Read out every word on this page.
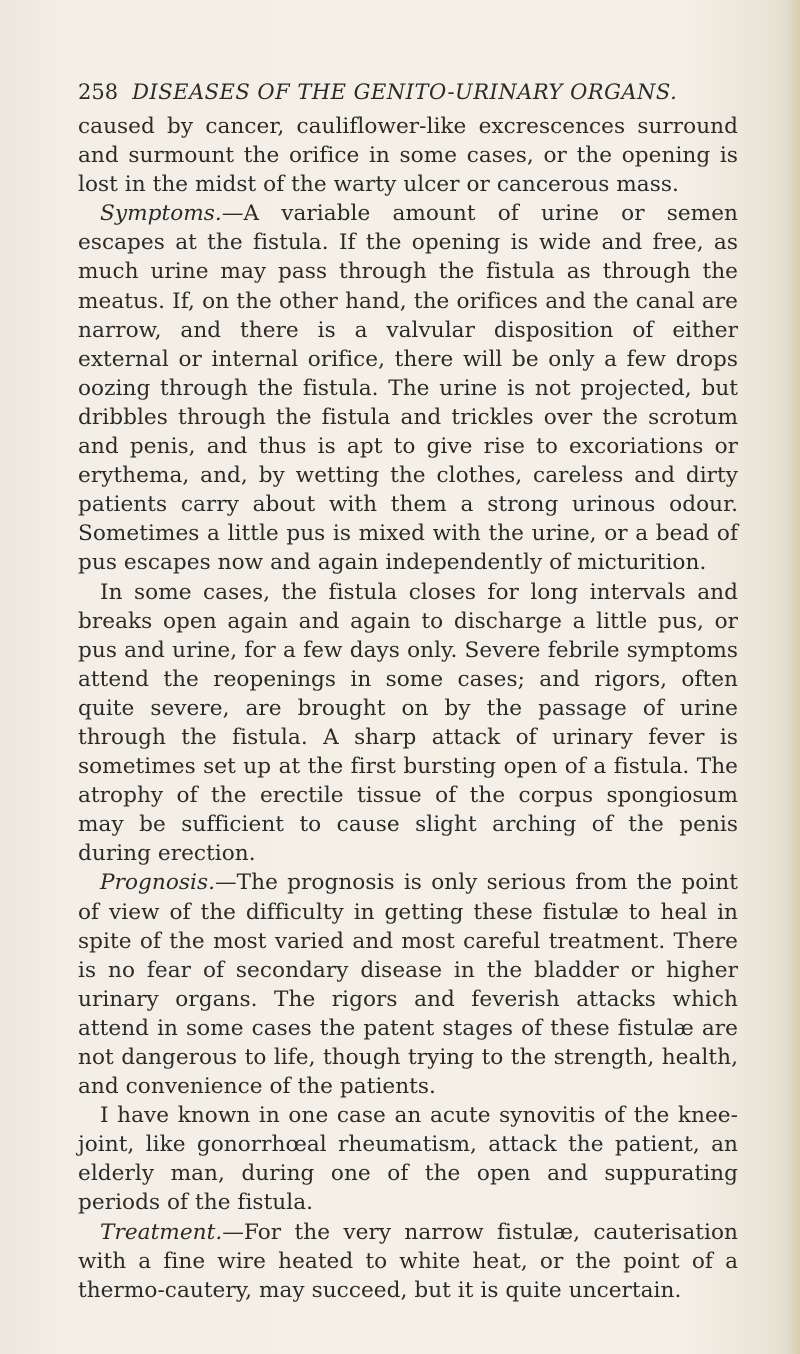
258 DISEASES OF THE GENITO-URINARY ORGANS.

caused by cancer, cauliflower-like excrescences surround and surmount the orifice in some cases, or the opening is lost in the midst of the warty ulcer or cancerous mass.

Symptoms.—A variable amount of urine or semen escapes at the fistula. If the opening is wide and free, as much urine may pass through the fistula as through the meatus. If, on the other hand, the orifices and the canal are narrow, and there is a valvular disposition of either external or internal orifice, there will be only a few drops oozing through the fistula. The urine is not projected, but dribbles through the fistula and trickles over the scrotum and penis, and thus is apt to give rise to excoriations or erythema, and, by wetting the clothes, careless and dirty patients carry about with them a strong urinous odour. Sometimes a little pus is mixed with the urine, or a bead of pus escapes now and again independently of micturition.

In some cases, the fistula closes for long intervals and breaks open again and again to discharge a little pus, or pus and urine, for a few days only. Severe febrile symptoms attend the reopenings in some cases; and rigors, often quite severe, are brought on by the passage of urine through the fistula. A sharp attack of urinary fever is sometimes set up at the first bursting open of a fistula. The atrophy of the erectile tissue of the corpus spongiosum may be sufficient to cause slight arching of the penis during erection.

Prognosis.—The prognosis is only serious from the point of view of the difficulty in getting these fistulæ to heal in spite of the most varied and most careful treatment. There is no fear of secondary disease in the bladder or higher urinary organs. The rigors and feverish attacks which attend in some cases the patent stages of these fistulæ are not dangerous to life, though trying to the strength, health, and convenience of the patients.

I have known in one case an acute synovitis of the knee-joint, like gonorrhœal rheumatism, attack the patient, an elderly man, during one of the open and suppurating periods of the fistula.

Treatment.—For the very narrow fistulæ, cauterisation with a fine wire heated to white heat, or the point of a thermo-cautery, may succeed, but it is quite uncertain.
